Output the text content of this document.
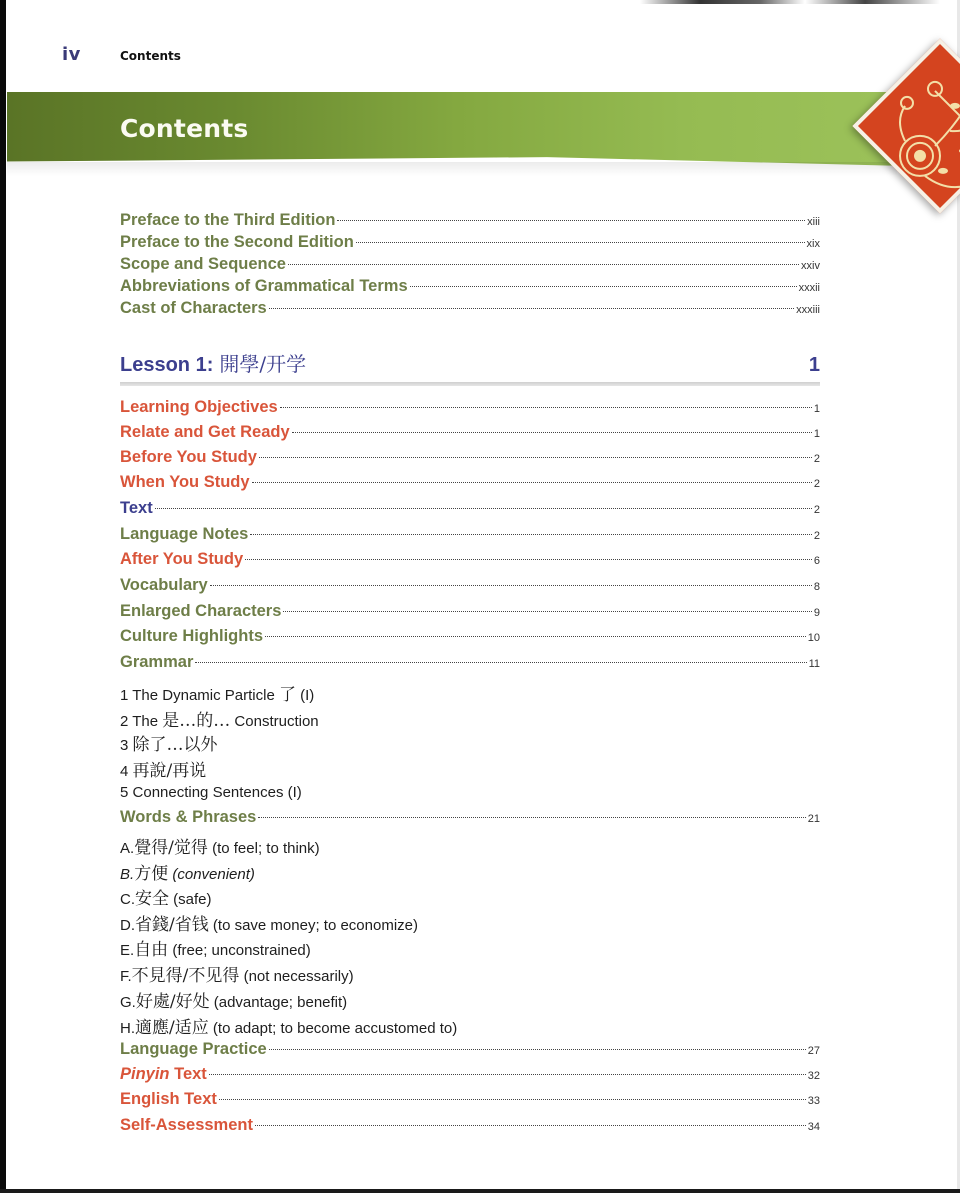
iv	Contents
Contents
Preface to the Third Edition	xiii
Preface to the Second Edition	xix
Scope and Sequence	xxiv
Abbreviations of Grammatical Terms	xxxii
Cast of Characters	xxxiii
Lesson 1: 開學/开学	1
Learning Objectives	1
Relate and Get Ready	1
Before You Study	2
When You Study	2
Text	2
Language Notes	2
After You Study	6
Vocabulary	8
Enlarged Characters	9
Culture Highlights	10
Grammar	11
1 The Dynamic Particle 了 (I)
2 The 是…的… Construction
3 除了…以外
4 再說/再说
5 Connecting Sentences (I)
Words & Phrases	21
A.覺得/觉得 (to feel; to think)
B.方便 (convenient)
C.安全 (safe)
D.省錢/省钱 (to save money; to economize)
E.自由 (free; unconstrained)
F.不見得/不见得 (not necessarily)
G.好處/好处 (advantage; benefit)
H.適應/适应 (to adapt; to become accustomed to)
Language Practice	27
Pinyin Text	32
English Text	33
Self-Assessment	34
